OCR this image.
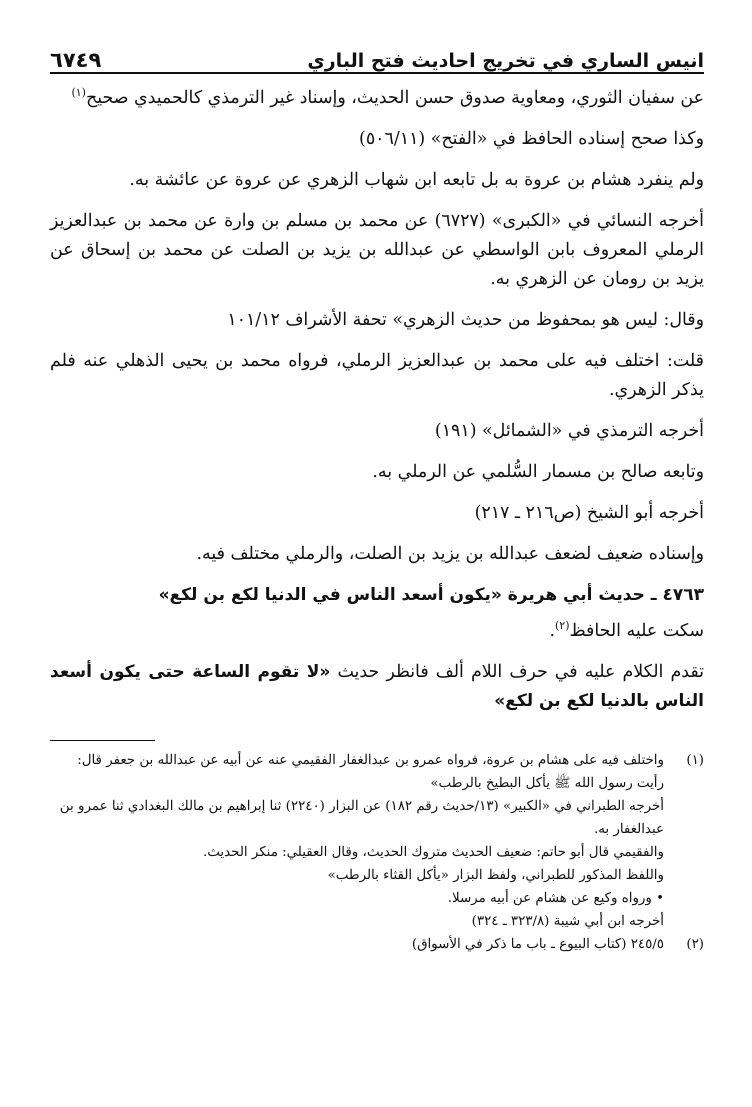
انيس الساري في تخريج احاديث فتح الباري
٦٧٤٩

عن سفيان الثوري، ومعاوية صدوق حسن الحديث، وإسناد غير الترمذي كالحميدي صحيح$^{(١)}$

وكذا صحح إسناده الحافظ في «الفتح» (٥٠٦/١١)

ولم ينفرد هشام بن عروة به بل تابعه ابن شهاب الزهري عن عروة عن عائشة به.

أخرجه النسائي في «الكبرى» (٦٧٢٧) عن محمد بن مسلم بن وارة عن محمد بن عبدالعزيز الرملي المعروف بابن الواسطي عن عبدالله بن يزيد بن الصلت عن محمد بن إسحاق عن يزيد بن رومان عن الزهري به.

وقال: ليس هو بمحفوظ من حديث الزهري» تحفة الأشراف ١٠١/١٢

قلت: اختلف فيه على محمد بن عبدالعزيز الرملي، فرواه محمد بن يحيى الذهلي عنه فلم يذكر الزهري.

أخرجه الترمذي في «الشمائل» (١٩١)

وتابعه صالح بن مسمار السُّلمي عن الرملي به.

أخرجه أبو الشيخ (ص٢١٦ ـ ٢١٧)

وإسناده ضعيف لضعف عبدالله بن يزيد بن الصلت، والرملي مختلف فيه.

٤٧٦٣ ـ حديث أبي هريرة «يكون أسعد الناس في الدنيا لكع بن لكع»

سكت عليه الحافظ$^{(٢)}$.

تقدم الكلام عليه في حرف اللام ألف فانظر حديث «لا تقوم الساعة حتى يكون أسعد الناس بالدنيا لكع بن لكع»

(١)
واختلف فيه على هشام بن عروة، فرواه عمرو بن عبدالغفار الفقيمي عنه عن أبيه عن عبدالله بن جعفر قال: رأيت رسول الله ﷺ يأكل البطيخ بالرطب»
أخرجه الطبراني في «الكبير» (١٣/حديث رقم ١٨٢) عن البزار (٢٢٤٠) ثنا إبراهيم بن مالك البغدادي ثنا عمرو بن عبدالغفار به.
والفقيمي قال أبو حاتم: ضعيف الحديث متروك الحديث، وقال العقيلي: منكر الحديث.
واللفظ المذكور للطبراني، ولفظ البزار «يأكل القثاء بالرطب»
• ورواه وكيع عن هشام عن أبيه مرسلا.
أخرجه ابن أبي شيبة (٣٢٣/٨ ـ ٣٢٤)
(٢)
٢٤٥/٥ (كتاب البيوع ـ باب ما ذكر في الأسواق)
